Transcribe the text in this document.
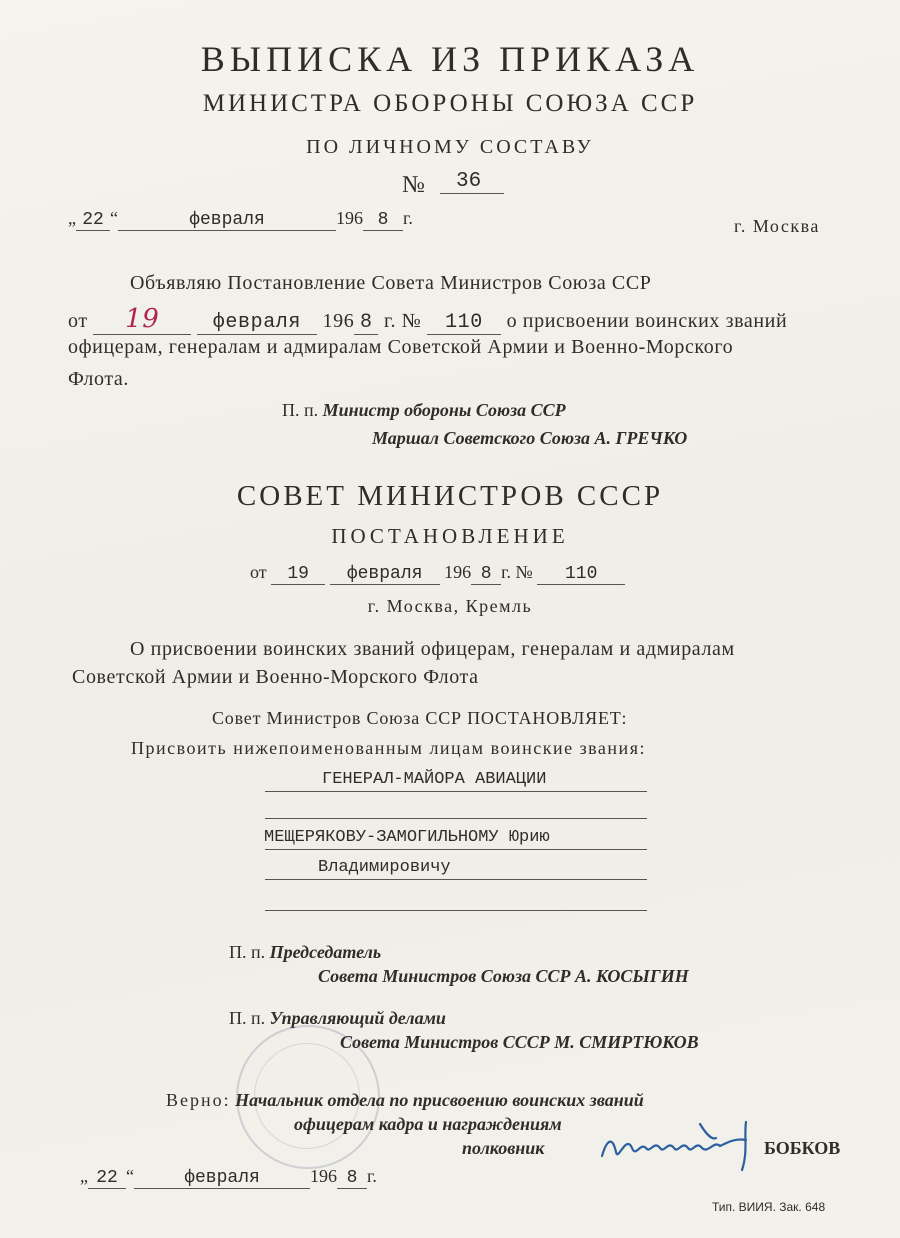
ВЫПИСКА ИЗ ПРИКАЗА
МИНИСТРА ОБОРОНЫ СОЮЗА ССР
ПО ЛИЧНОМУ СОСТАВУ
№	36
„ 22 “	февраля	196 8 г.	г. Москва
Объявляю Постановление Совета Министров Союза ССР
от 19	февраля 196 8 г. № 110 о присвоении воинских званий
офицерам, генералам и адмиралам Советской Армии и Военно-Морского
Флота.
П. п. Министр обороны Союза ССР
Маршал Советского Союза А. ГРЕЧКО
СОВЕТ МИНИСТРОВ СССР
ПОСТАНОВЛЕНИЕ
от 19 февраля 196 8 г. № 110
г. Москва, Кремль
О присвоении воинских званий офицерам, генералам и адмиралам
Советской Армии и Военно-Морского Флота
Совет Министров Союза ССР ПОСТАНОВЛЯЕТ:
Присвоить нижепоименованным лицам воинские звания:
ГЕНЕРАЛ-МАЙОРА АВИАЦИИ
МЕЩЕРЯКОВУ-ЗАМОГИЛЬНОМУ Юрию
Владимировичу
П. п. Председатель
Совета Министров Союза ССР А. КОСЫГИН
П. п. Управляющий делами
Совета Министров СССР М. СМИРТЮКОВ
Верно: Начальник отдела по присвоению воинских званий
офицерам кадра и награждениям
полковник	БОБКОВ
„ 22 “	февраля	196 8 г.
Тип. ВИИЯ. Зак. 648
